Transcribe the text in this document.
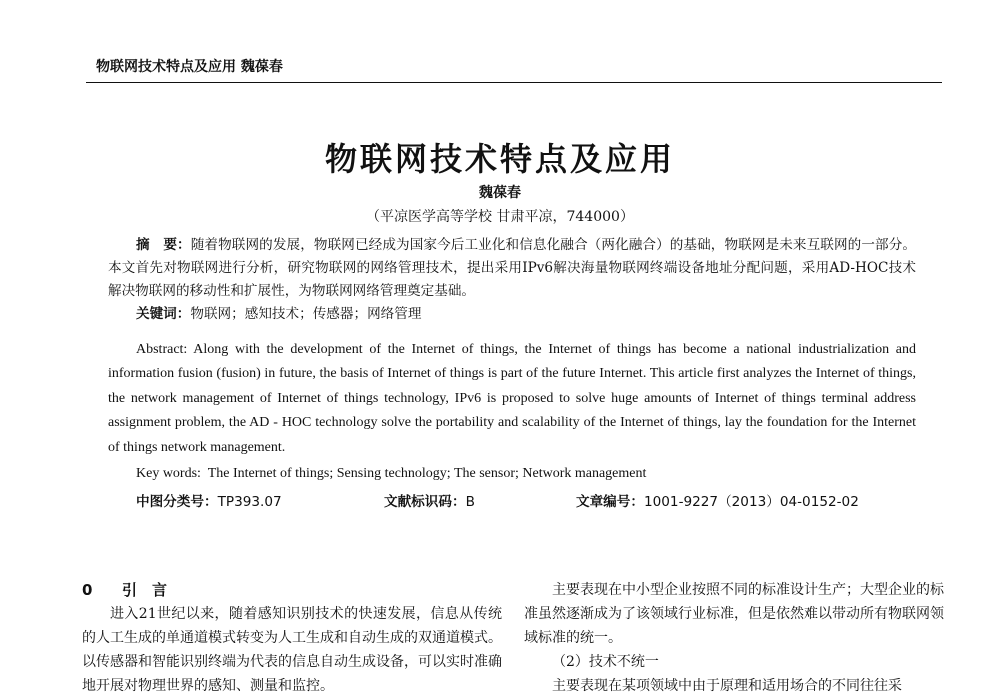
物联网技术特点及应用 魏葆春
物联网技术特点及应用
魏葆春
（平凉医学高等学校 甘肃平凉，744000）

摘　要：随着物联网的发展，物联网已经成为国家今后工业化和信息化融合（两化融合）的基础，物联网是未来互联网的一部分。本文首先对物联网进行分析，研究物联网的网络管理技术，提出采用IPv6解决海量物联网终端设备地址分配问题，采用AD-HOC技术解决物联网的移动性和扩展性，为物联网网络管理奠定基础。

关键词：物联网；感知技术；传感器；网络管理

Abstract: Along with the development of the Internet of things, the Internet of things has become a national industrialization and information fusion (fusion) in future, the basis of Internet of things is part of the future Internet. This article first analyzes the Internet of things, the network management of Internet of things technology, IPv6 is proposed to solve huge amounts of Internet of things terminal address assignment problem, the AD - HOC technology solve the portability and scalability of the Internet of things, lay the foundation for the Internet of things network management.

Key words: The Internet of things; Sensing technology; The sensor; Network management
中图分类号：TP393.07	文献标识码：B	文章编号：1001-9227（2013）04-0152-02
0 引　言

进入21世纪以来，随着感知识别技术的快速发展，信息从传统的人工生成的单通道模式转变为人工生成和自动生成的双通道模式。以传感器和智能识别终端为代表的信息自动生成设备，可以实时准确地开展对物理世界的感知、测量和监控。

主要表现在中小型企业按照不同的标准设计生产；大型企业的标准虽然逐渐成为了该领域行业标准，但是依然难以带动所有物联网领域标准的统一。

（2）技术不统一

主要表现在某项领域中由于原理和适用场合的不同往往采
